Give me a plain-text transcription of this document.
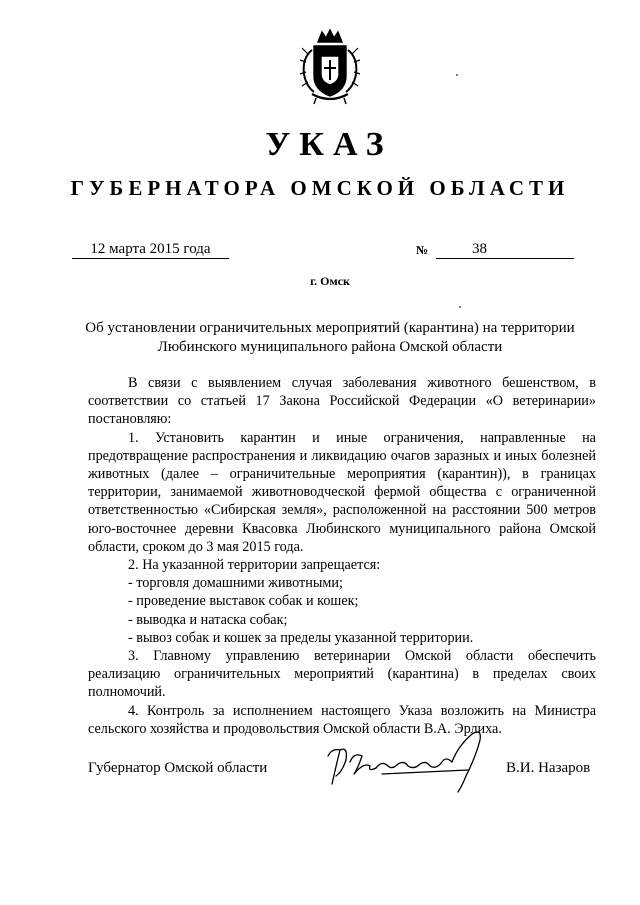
УКАЗ
ГУБЕРНАТОРА ОМСКОЙ ОБЛАСТИ
12 марта 2015 года	№	38
г. Омск
Об установлении ограничительных мероприятий (карантина) на территории Любинского муниципального района Омской области

В связи с выявлением случая заболевания животного бешенством, в соответствии со статьей 17 Закона Российской Федерации «О ветеринарии» постановляю:

1. Установить карантин и иные ограничения, направленные на предотвращение распространения и ликвидацию очагов заразных и иных болезней животных (далее – ограничительные мероприятия (карантин)), в границах территории, занимаемой животноводческой фермой общества с ограниченной ответственностью «Сибирская земля», расположенной на расстоянии 500 метров юго-восточнее деревни Квасовка Любинского муниципального района Омской области, сроком до 3 мая 2015 года.

2. На указанной территории запрещается:

- торговля домашними животными;

- проведение выставок собак и кошек;

- выводка и натаска собак;

- вывоз собак и кошек за пределы указанной территории.

3. Главному управлению ветеринарии Омской области обеспечить реализацию ограничительных мероприятий (карантина) в пределах своих полномочий.

4. Контроль за исполнением настоящего Указа возложить на Министра сельского хозяйства и продовольствия Омской области В.А. Эрлиха.

Губернатор Омской области	В.И. Назаров
